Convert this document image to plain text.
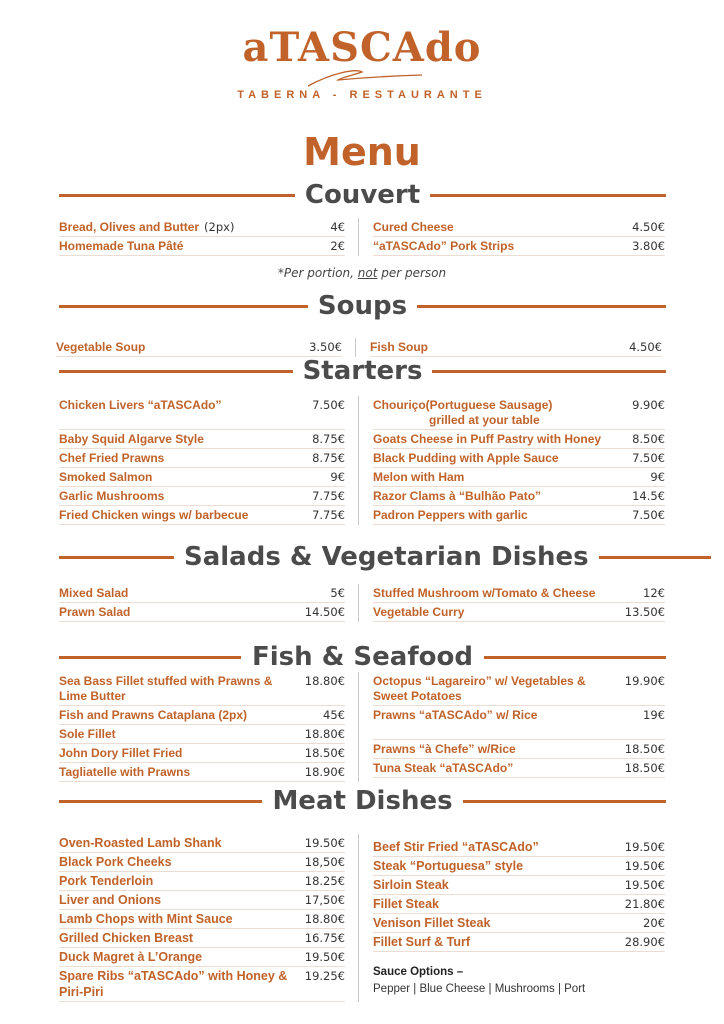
aTASCAdo
TABERNA - RESTAURANTE
Menu
Couvert
Bread, Olives and Butter (2px)	4€
Homemade Tuna Pâté	2€
Cured Cheese	4.50€
“aTASCAdo” Pork Strips	3.80€
*Per portion, not per person
Soups
Vegetable Soup	3.50€ Fish Soup	4.50€
Starters
Chicken Livers “aTASCAdo”	7.50€
Baby Squid Algarve Style	8.75€
Chef Fried Prawns	8.75€
Smoked Salmon	9€
Garlic Mushrooms	7.75€
Fried Chicken wings w/ barbecue	7.75€
Chouriço(Portuguese Sausage)
grilled at your table
9.90€
Goats Cheese in Puff Pastry with Honey	8.50€
Black Pudding with Apple Sauce	7.50€
Melon with Ham	9€
Razor Clams à “Bulhão Pato”	14.5€
Padron Peppers with garlic	7.50€
Salads & Vegetarian Dishes
Mixed Salad	5€
Prawn Salad	14.50€
Stuffed Mushroom w/Tomato & Cheese	12€
Vegetable Curry	13.50€
Fish & Seafood
Sea Bass Fillet stuffed with Prawns & Lime Butter
18.80€
Fish and Prawns Cataplana (2px)	45€
Sole Fillet	18.80€
John Dory Fillet Fried	18.50€
Tagliatelle with Prawns	18.90€
Octopus “Lagareiro” w/ Vegetables & Sweet Potatoes
19.90€
Prawns “aTASCAdo” w/ Rice	19€
Prawns “à Chefe” w/Rice	18.50€
Tuna Steak “aTASCAdo”	18.50€
Meat Dishes
Oven-Roasted Lamb Shank	19.50€
Black Pork Cheeks	18,50€
Pork Tenderloin	18.25€
Liver and Onions	17,50€
Lamb Chops with Mint Sauce	18.80€
Grilled Chicken Breast	16.75€
Duck Magret à L’Orange	19.50€
Spare Ribs “aTASCAdo” with Honey & Piri-Piri
19.25€
Beef Stir Fried “aTASCAdo”	19.50€
Steak “Portuguesa” style	19.50€
Sirloin Steak	19.50€
Fillet Steak	21.80€
Venison Fillet Steak	20€
Fillet Surf & Turf	28.90€
Sauce Options –
Pepper | Blue Cheese | Mushrooms | Port
